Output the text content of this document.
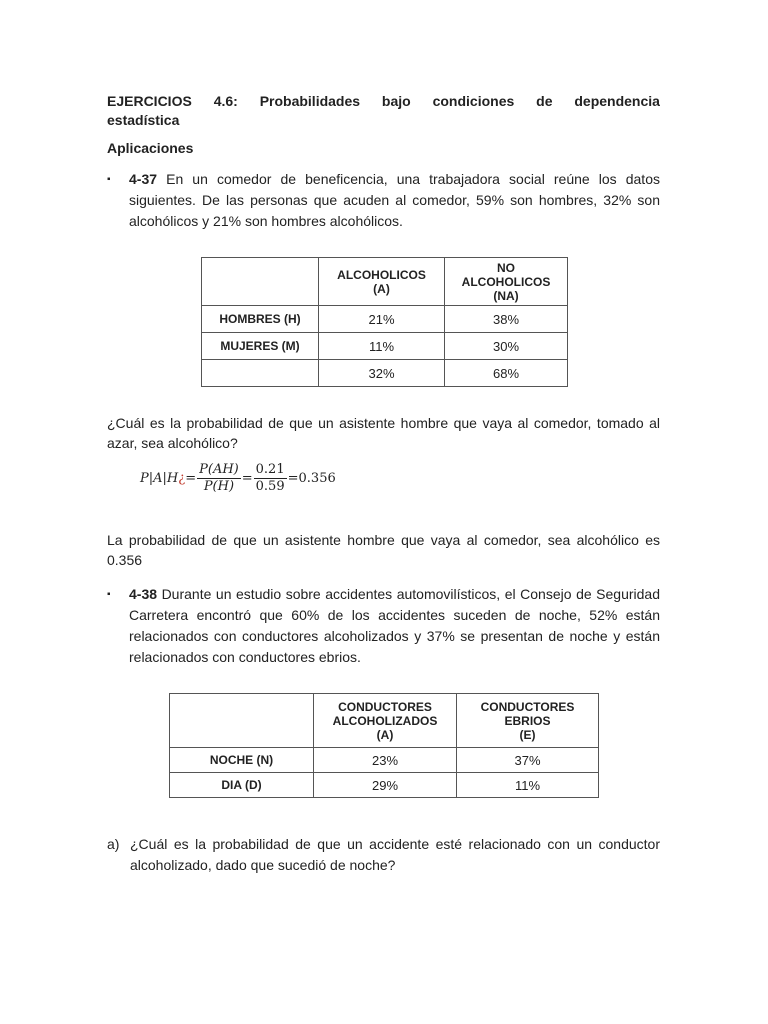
EJERCICIOS 4.6: Probabilidades bajo condiciones de dependencia
estadística
Aplicaciones
▪ 4-37 En un comedor de beneficencia, una trabajadora social reúne los datos siguientes. De las personas que acuden al comedor, 59% son hombres, 32% son alcohólicos y 21% son hombres alcohólicos.
	ALCOHOLICOS
(A)	NO
ALCOHOLICOS
(NA)
HOMBRES (H)	21%	38%
MUJERES (M)	11%	30%
	32%	68%
¿Cuál es la probabilidad de que un asistente hombre que vaya al comedor, tomado al azar, sea alcohólico?
P|A|H ¿ = $\frac{P(AH)}{P(H)} = \frac{0.21}{0.59} = 0.356$
La probabilidad de que un asistente hombre que vaya al comedor, sea alcohólico es 0.356
▪ 4-38 Durante un estudio sobre accidentes automovilísticos, el Consejo de Seguridad Carretera encontró que 60% de los accidentes suceden de noche, 52% están relacionados con conductores alcoholizados y 37% se presentan de noche y están relacionados con conductores ebrios.
	CONDUCTORES
ALCOHOLIZADOS
(A)	CONDUCTORES
EBRIOS
(E)
NOCHE (N)	23%	37%
DIA (D)	29%	11%
a) ¿Cuál es la probabilidad de que un accidente esté relacionado con un conductor alcoholizado, dado que sucedió de noche?
